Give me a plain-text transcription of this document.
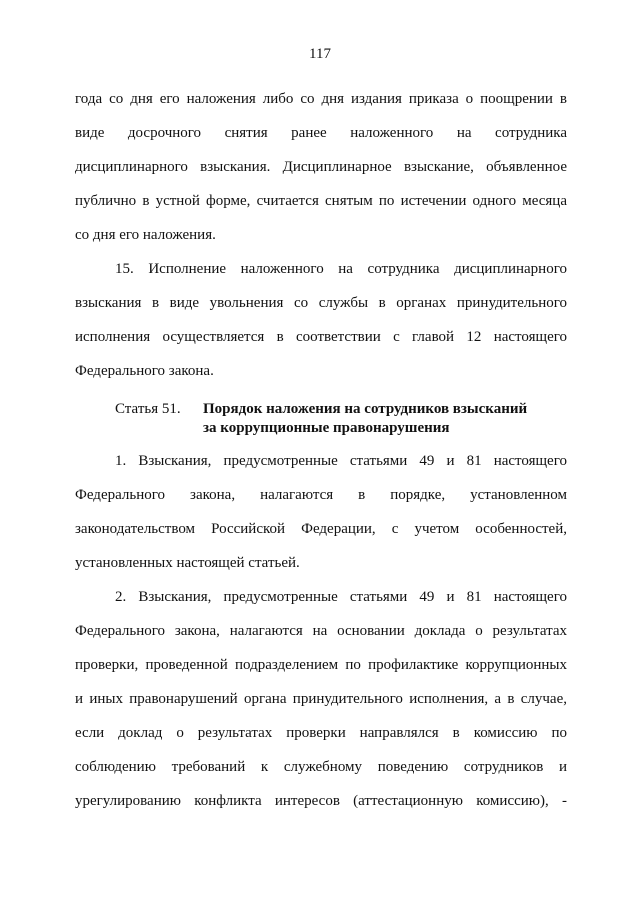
117

года со дня его наложения либо со дня издания приказа о поощрении в
виде досрочного снятия ранее наложенного на сотрудника
дисциплинарного взыскания. Дисциплинарное взыскание, объявленное
публично в устной форме, считается снятым по истечении одного месяца
со дня его наложения.

15. Исполнение наложенного на сотрудника дисциплинарного
взыскания в виде увольнения со службы в органах принудительного
исполнения осуществляется в соответствии с главой 12 настоящего
Федерального закона.

Статья 51.	Порядок наложения на сотрудников взысканий
за коррупционные правонарушения

1. Взыскания, предусмотренные статьями 49 и 81 настоящего
Федерального закона, налагаются в порядке, установленном
законодательством Российской Федерации, с учетом особенностей,
установленных настоящей статьей.

2. Взыскания, предусмотренные статьями 49 и 81 настоящего
Федерального закона, налагаются на основании доклада о результатах
проверки, проведенной подразделением по профилактике коррупционных
и иных правонарушений органа принудительного исполнения, а в случае,
если доклад о результатах проверки направлялся в комиссию по
соблюдению требований к служебному поведению сотрудников и
урегулированию конфликта интересов (аттестационную комиссию), -
